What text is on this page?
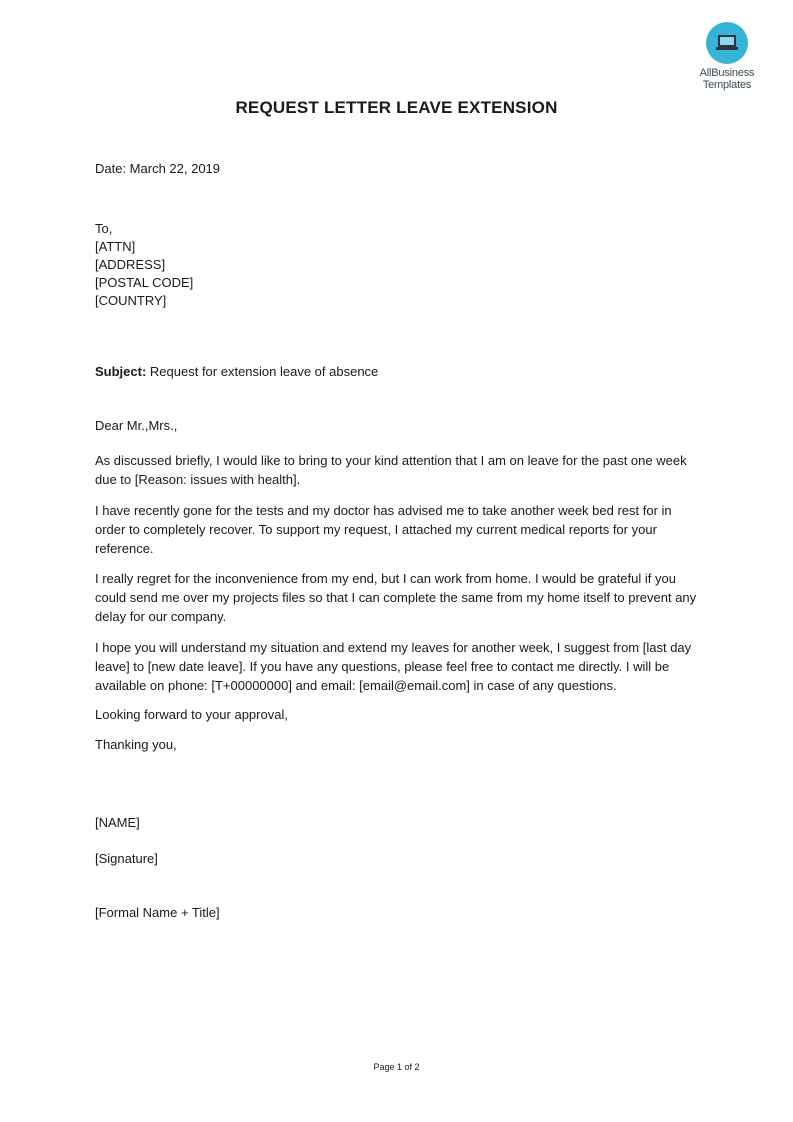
AllBusiness
Templates
REQUEST LETTER LEAVE EXTENSION

Date: March 22, 2019

To,

[ATTN]

[ADDRESS]

[POSTAL CODE]

[COUNTRY]

Subject: Request for extension leave of absence

Dear Mr.,Mrs.,

As discussed briefly, I would like to bring to your kind attention that I am on leave for the past one week due to [Reason: issues with health].

I have recently gone for the tests and my doctor has advised me to take another week bed rest for in order to completely recover. To support my request, I attached my current medical reports for your reference.

I really regret for the inconvenience from my end, but I can work from home. I would be grateful if you could send me over my projects files so that I can complete the same from my home itself to prevent any delay for our company.

I hope you will understand my situation and extend my leaves for another week, I suggest from [last day leave] to [new date leave]. If you have any questions, please feel free to contact me directly. I will be available on phone: [T+00000000] and email: [email@email.com] in case of any questions.

Looking forward to your approval,

Thanking you,

[NAME]

[Signature]

[Formal Name + Title]

Page 1 of 2
